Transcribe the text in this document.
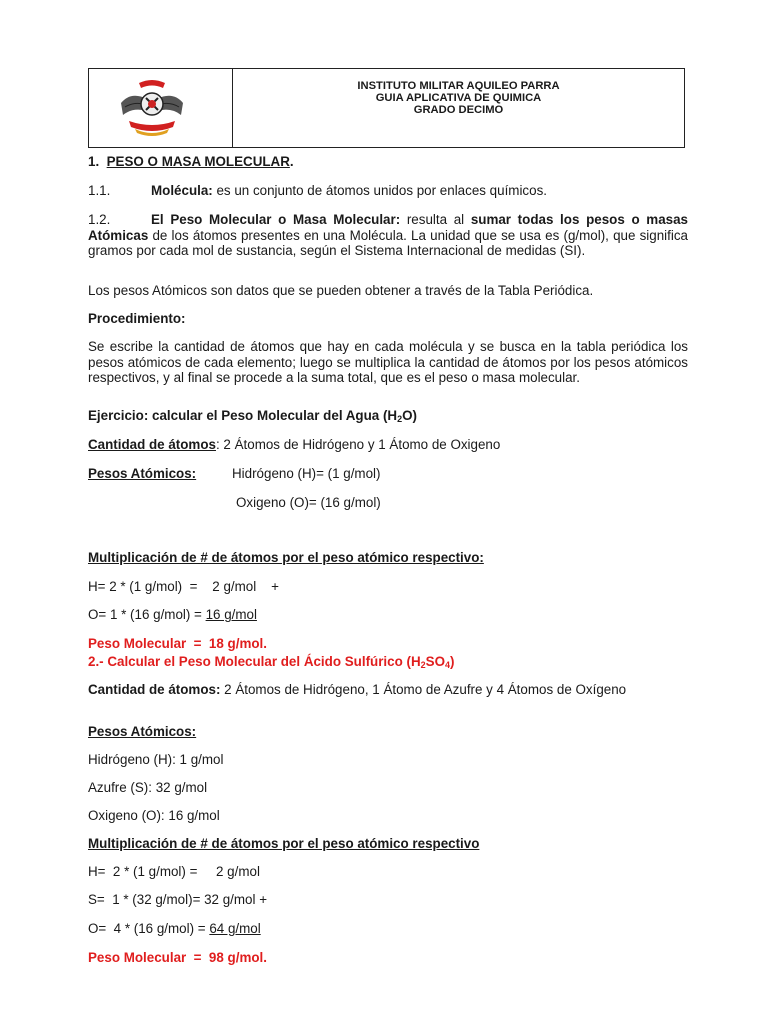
INSTITUTO MILITAR AQUILEO PARRA
GUIA APLICATIVA DE QUIMICA
GRADO DECIMO
1. PESO O MASA MOLECULAR.
1.1.	Molécula: es un conjunto de átomos unidos por enlaces químicos.
1.2.	El Peso Molecular o Masa Molecular: resulta al sumar todas los pesos o masas Atómicas de los átomos presentes en una Molécula. La unidad que se usa es (g/mol), que significa gramos por cada mol de sustancia, según el Sistema Internacional de medidas (SI).
Los pesos Atómicos son datos que se pueden obtener a través de la Tabla Periódica.
Procedimiento:
Se escribe la cantidad de átomos que hay en cada molécula y se busca en la tabla periódica los pesos atómicos de cada elemento; luego se multiplica la cantidad de átomos por los pesos atómicos respectivos, y al final se procede a la suma total, que es el peso o masa molecular.
Ejercicio: calcular el Peso Molecular del Agua $(H_2O)$
Cantidad de átomos: 2 Átomos de Hidrógeno y 1 Átomo de Oxigeno
Pesos Atómicos:	Hidrógeno (H)= (1 g/mol)
Oxigeno (O)= (16 g/mol)
Multiplicación de # de átomos por el peso atómico respectivo:
H= 2 * (1 g/mol)  =    2 g/mol    +
O= 1 * (16 g/mol) = 16 g/mol
Peso Molecular  =  18 g/mol.
2.- Calcular el Peso Molecular del Ácido Sulfúrico $(H_2SO_4)$
Cantidad de átomos: 2 Átomos de Hidrógeno, 1 Átomo de Azufre y 4 Átomos de Oxígeno
Pesos Atómicos:
Hidrógeno (H): 1 g/mol
Azufre (S): 32 g/mol
Oxigeno (O): 16 g/mol
Multiplicación de # de átomos por el peso atómico respectivo
H=  2 * (1 g/mol) =     2 g/mol
S=  1 * (32 g/mol)= 32 g/mol +
O=  4 * (16 g/mol) = 64 g/mol
Peso Molecular  =  98 g/mol.
